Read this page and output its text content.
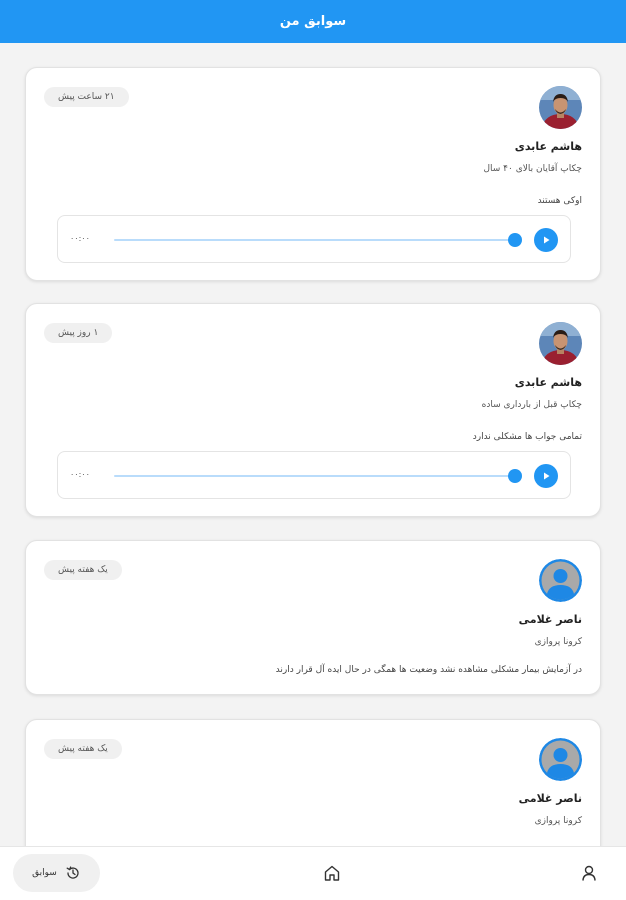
سوابق من
۲۱ ساعت پیش
هاشم عابدی
چکاپ آقایان بالای ۴۰ سال
اوکی هستند
۰۰:۰۰
۱ روز پیش
هاشم عابدی
چکاپ قبل از بارداری ساده
تمامی جواب ها مشکلی ندارد
۰۰:۰۰
یک هفته پیش
ناصر غلامی
کرونا پروازی
در آزمایش بیمار مشکلی مشاهده نشد وضعیت ها همگی در حال ایده آل قرار دارند
یک هفته پیش
ناصر غلامی
کرونا پروازی
سوابق
